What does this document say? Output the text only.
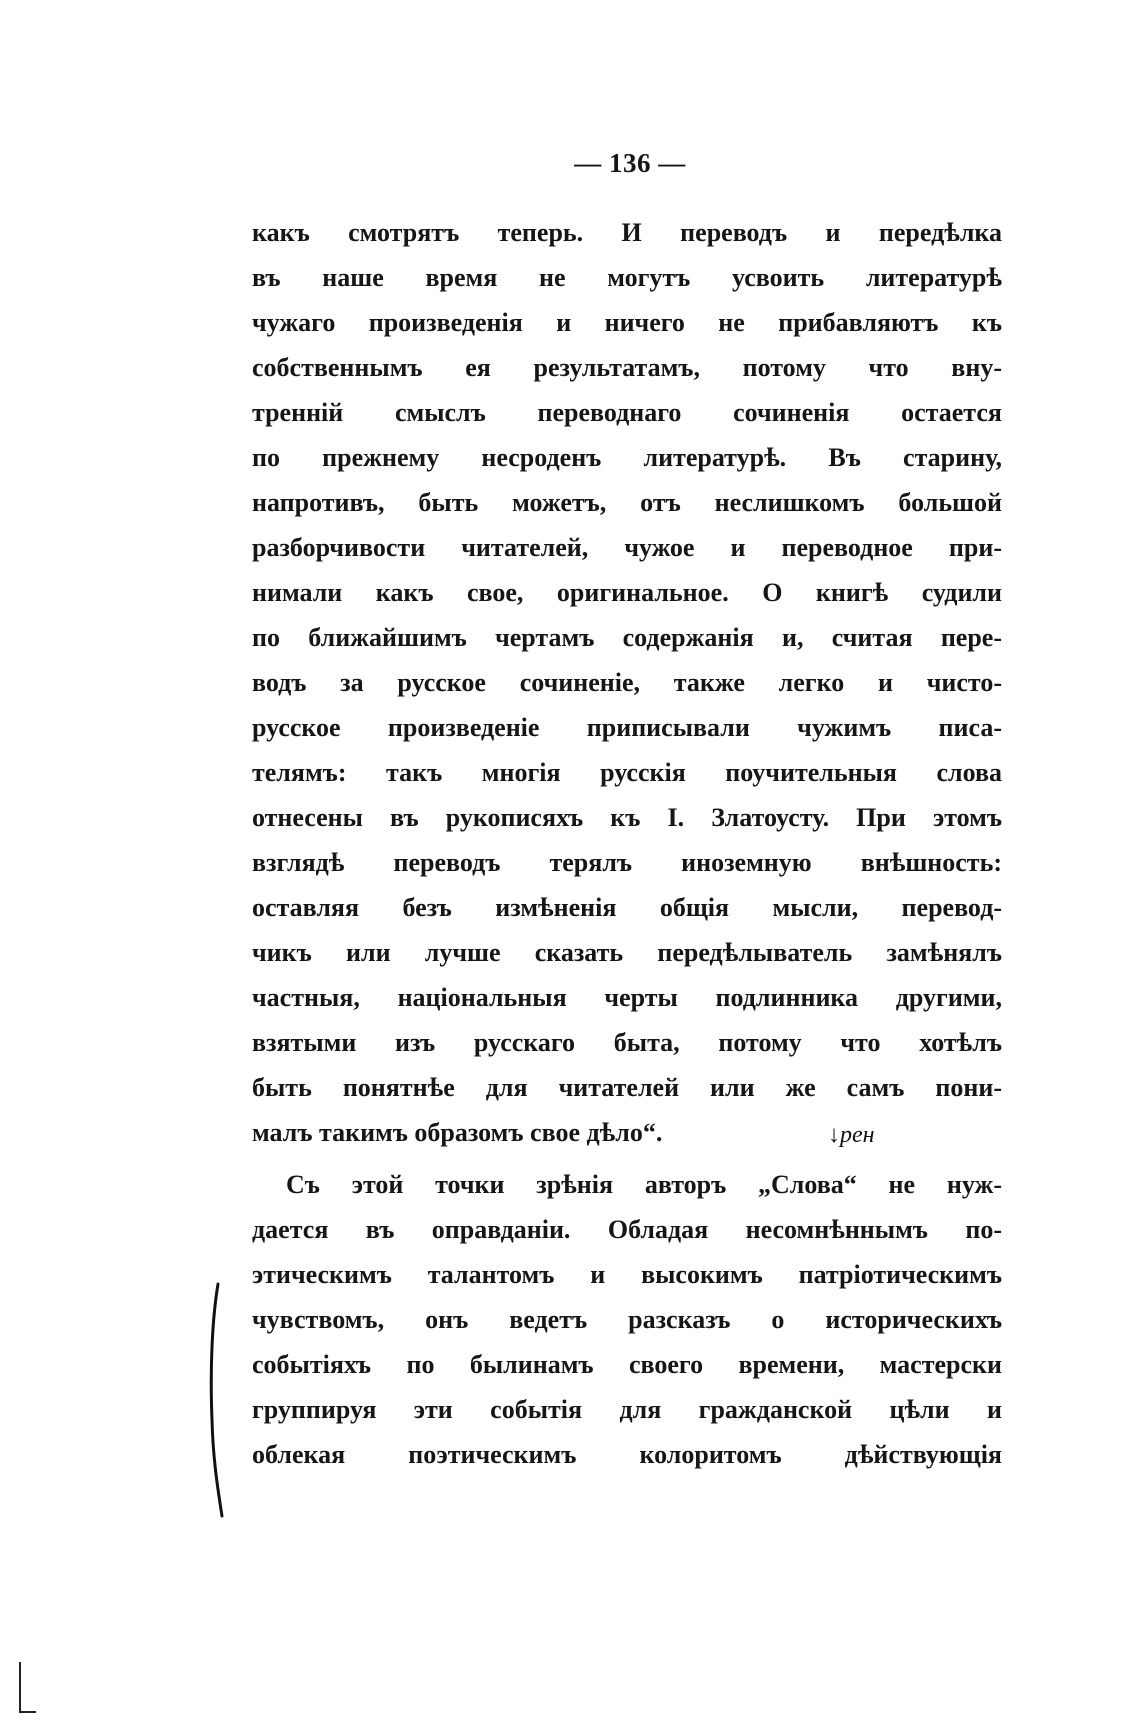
— 136 —
какъ смотрятъ теперь. И переводъ и передѣлка
въ наше время не могутъ усвоить литературѣ
чужаго произведенія и ничего не прибавляютъ къ
собственнымъ ея результатамъ, потому что вну-
тренній смыслъ переводнаго сочиненія остается
по прежнему несроденъ литературѣ. Въ старину,
напротивъ, быть можетъ, отъ неслишкомъ большой
разборчивости читателей, чужое и переводное при-
нимали какъ свое, оригинальное. О книгѣ судили
по ближайшимъ чертамъ содержанія и, считая пере-
водъ за русское сочиненіе, также легко и чисто-
русское произведеніе приписывали чужимъ писа-
телямъ: такъ многія русскія поучительныя слова
отнесены въ рукописяхъ къ I. Златоусту. При этомъ
взглядѣ переводъ терялъ иноземную внѣшность:
оставляя безъ измѣненія общія мысли, перевод-
чикъ или лучше сказать передѣлыватель замѣнялъ
частныя, національныя черты подлинника другими,
взятыми изъ русскаго быта, потому что хотѣлъ
быть понятнѣе для читателей или же самъ пони-
малъ такимъ образомъ свое дѣло“.
Съ этой точки зрѣнія авторъ „Слова“ не нуж-
дается въ оправданіи. Обладая несомнѣннымъ по-
этическимъ талантомъ и высокимъ патріотическимъ
чувствомъ, онъ ведетъ разсказъ о историческихъ
событіяхъ по былинамъ своего времени, мастерски
группируя эти событія для гражданской цѣли и
облекая поэтическимъ колоритомъ дѣйствующія
↓рен
